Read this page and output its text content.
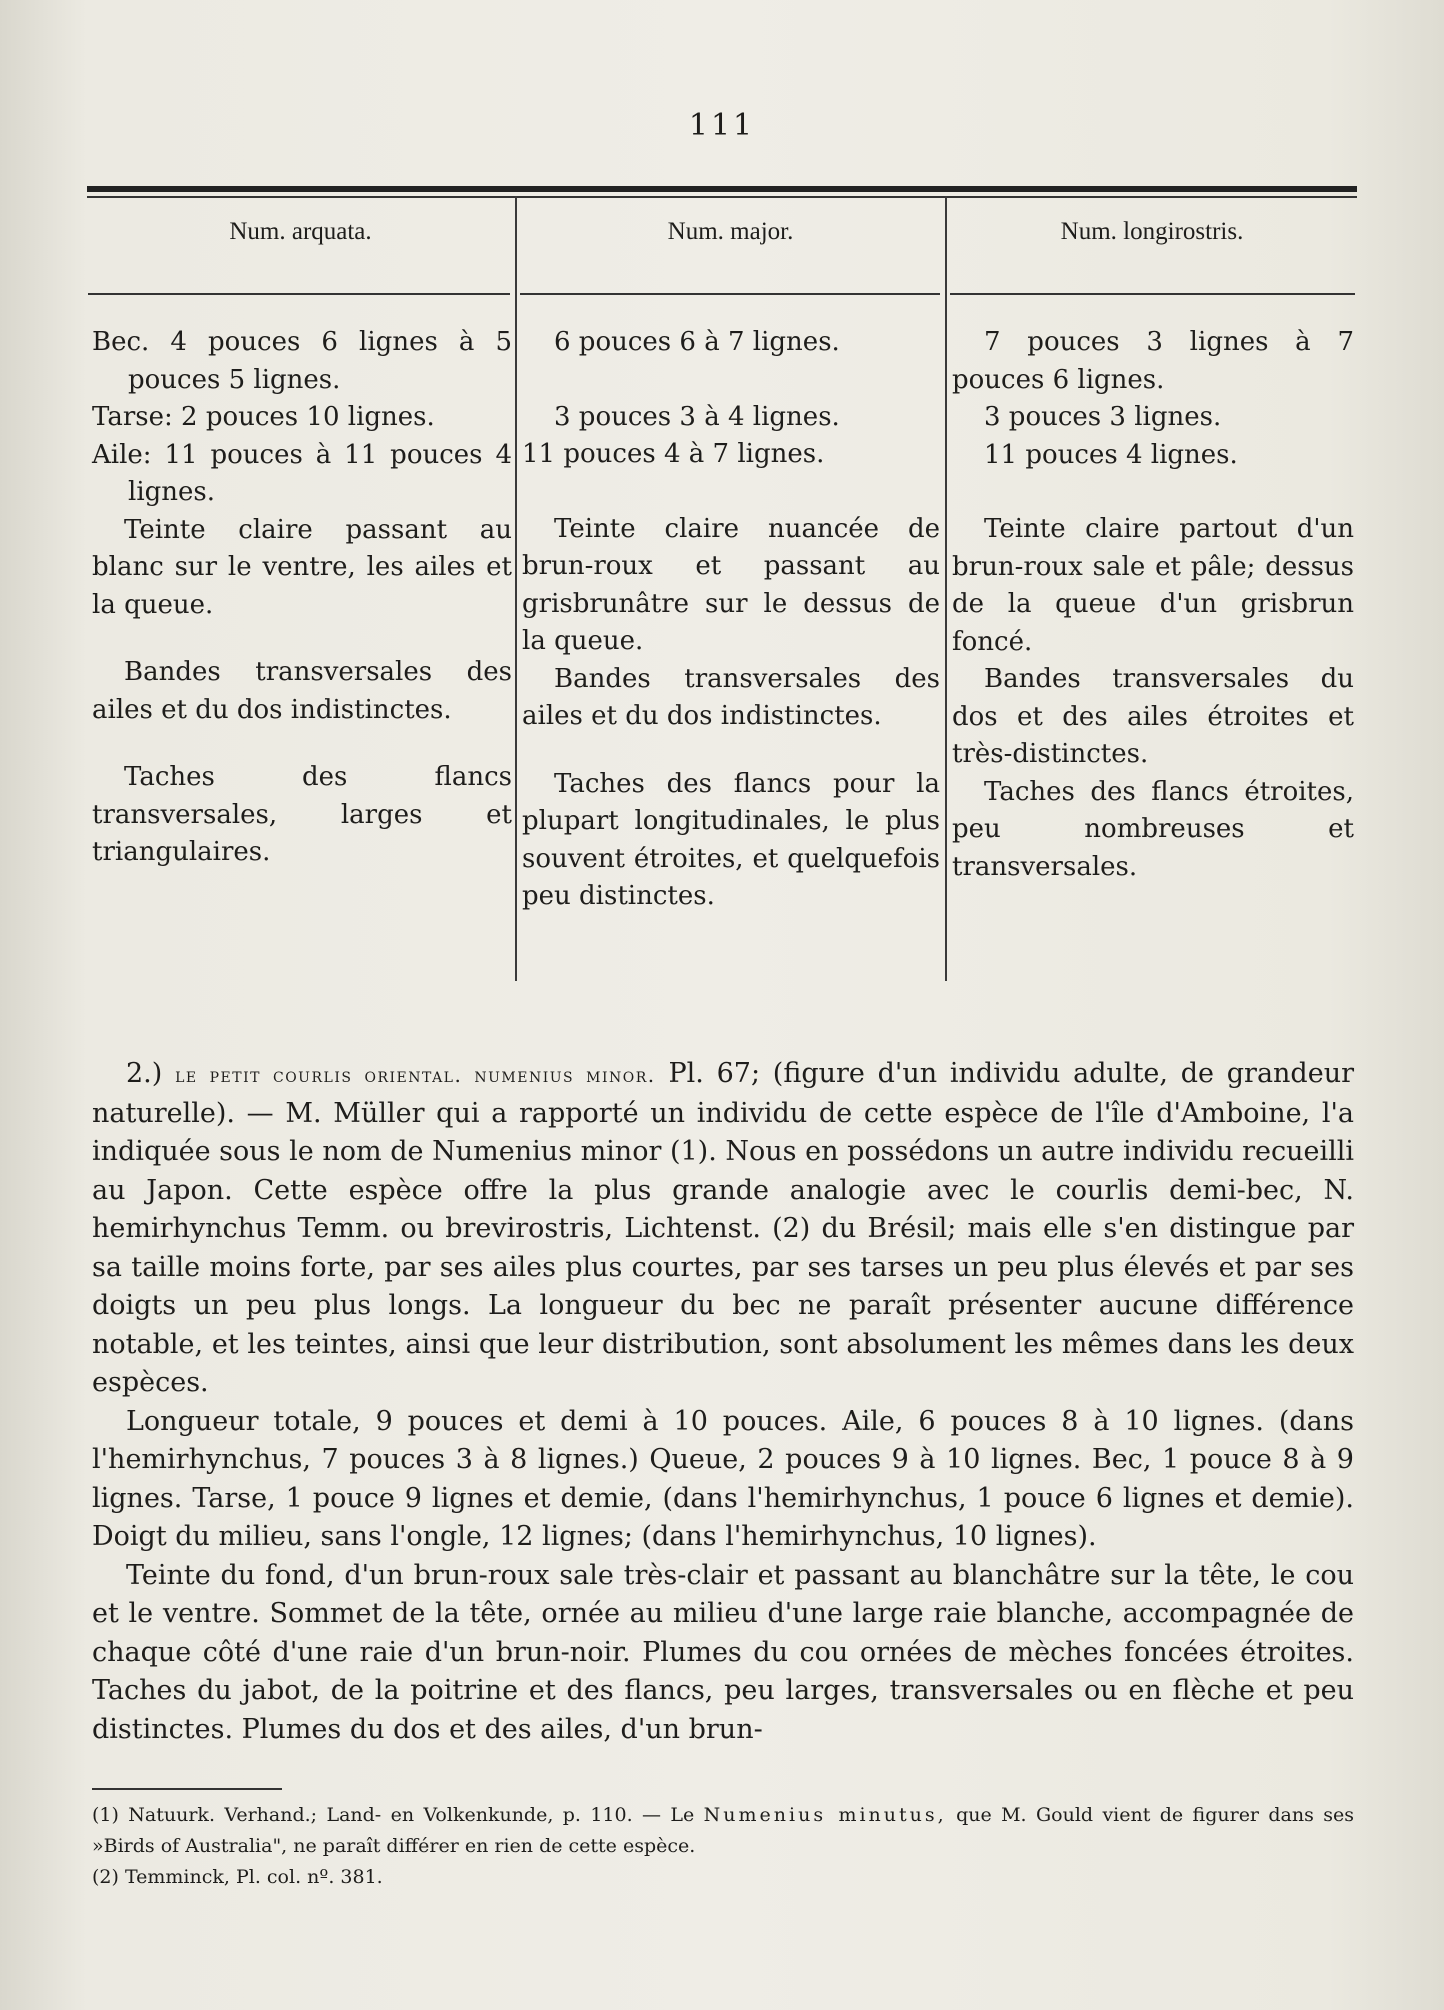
111
Num. arquata.	Num. major.	Num. longirostris.

Bec. 4 pouces 6 lignes à 5 pouces 5 lignes.

Tarse: 2 pouces 10 lignes.

Aile: 11 pouces à 11 pouces 4 lignes.

Teinte claire passant au blanc sur le ventre, les ailes et la queue.

Bandes transversales des ailes et du dos indistinctes.

Taches des flancs transversales, larges et triangulaires.

6 pouces 6 à 7 lignes.

3 pouces 3 à 4 lignes.

11 pouces 4 à 7 lignes.

Teinte claire nuancée de brun-roux et passant au grisbrunâtre sur le dessus de la queue.

Bandes transversales des ailes et du dos indistinctes.

Taches des flancs pour la plupart longitudinales, le plus souvent étroites, et quelquefois peu distinctes.

7 pouces 3 lignes à 7 pouces 6 lignes.

3 pouces 3 lignes.

11 pouces 4 lignes.

Teinte claire partout d'un brun-roux sale et pâle; dessus de la queue d'un grisbrun foncé.

Bandes transversales du dos et des ailes étroites et très-distinctes.

Taches des flancs étroites, peu nombreuses et transversales.

2.) le petit courlis oriental. numenius minor. Pl. 67; (figure d'un individu adulte, de grandeur naturelle). — M. Müller qui a rapporté un individu de cette espèce de l'île d'Amboine, l'a indiquée sous le nom de Numenius minor (1). Nous en possédons un autre individu recueilli au Japon. Cette espèce offre la plus grande analogie avec le courlis demi-bec, N. hemirhynchus Temm. ou brevirostris, Lichtenst. (2) du Brésil; mais elle s'en distingue par sa taille moins forte, par ses ailes plus courtes, par ses tarses un peu plus élevés et par ses doigts un peu plus longs. La longueur du bec ne paraît présenter aucune différence notable, et les teintes, ainsi que leur distribution, sont absolument les mêmes dans les deux espèces.

Longueur totale, 9 pouces et demi à 10 pouces. Aile, 6 pouces 8 à 10 lignes. (dans l'hemirhynchus, 7 pouces 3 à 8 lignes.) Queue, 2 pouces 9 à 10 lignes. Bec, 1 pouce 8 à 9 lignes. Tarse, 1 pouce 9 lignes et demie, (dans l'hemirhynchus, 1 pouce 6 lignes et demie). Doigt du milieu, sans l'ongle, 12 lignes; (dans l'hemirhynchus, 10 lignes).

Teinte du fond, d'un brun-roux sale très-clair et passant au blanchâtre sur la tête, le cou et le ventre. Sommet de la tête, ornée au milieu d'une large raie blanche, accompagnée de chaque côté d'une raie d'un brun-noir. Plumes du cou ornées de mèches foncées étroites. Taches du jabot, de la poitrine et des flancs, peu larges, transversales ou en flèche et peu distinctes. Plumes du dos et des ailes, d'un brun-

(1) Natuurk. Verhand.; Land- en Volkenkunde, p. 110. — Le Numenius minutus, que M. Gould vient de figurer dans ses »Birds of Australia", ne paraît différer en rien de cette espèce.

(2) Temminck, Pl. col. nº. 381.
